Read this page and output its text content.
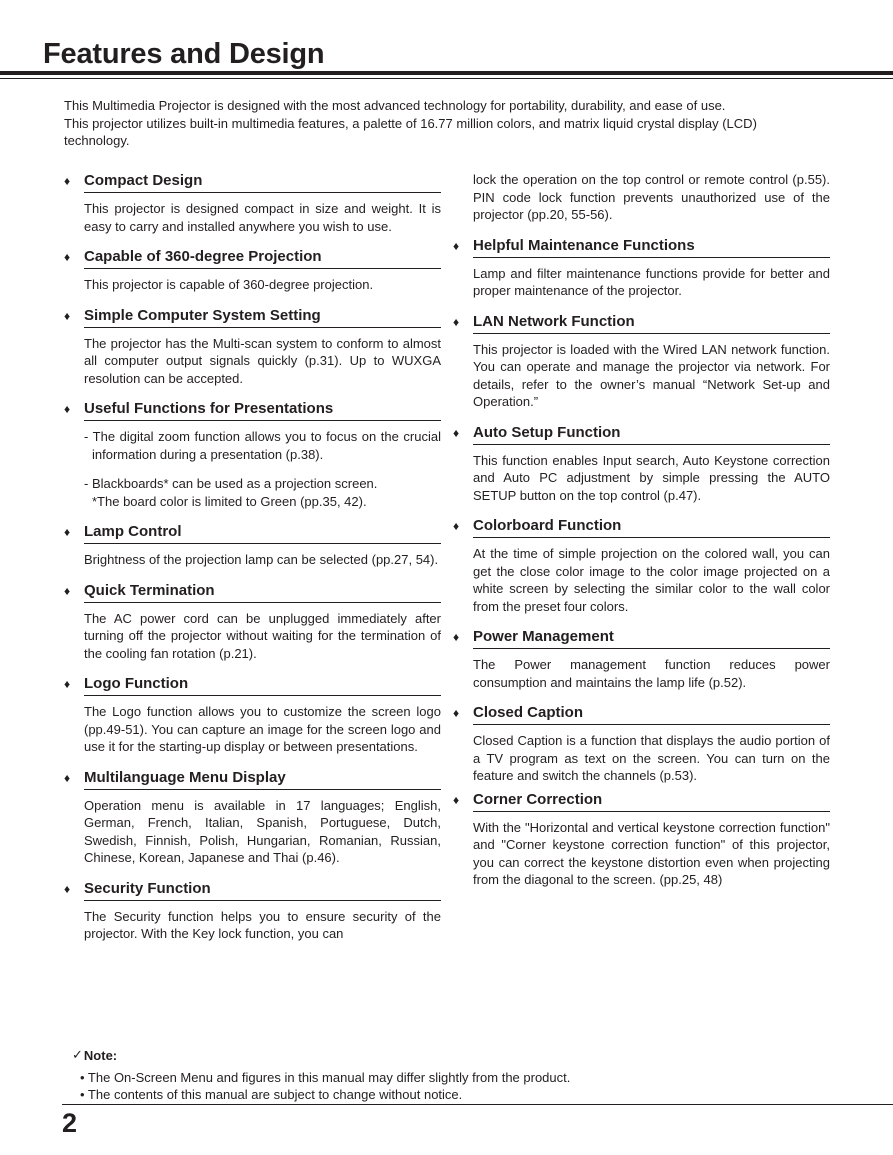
Features and Design

This Multimedia Projector is designed with the most advanced technology for portability, durability, and ease of use.

This projector utilizes built-in multimedia features, a palette of 16.77 million colors, and matrix liquid crystal display (LCD) technology.

♦ Compact Design
This projector is designed compact in size and weight. It is easy to carry and installed anywhere you wish to use.
♦ Capable of 360-degree Projection
This projector is capable of 360-degree projection.
♦ Simple Computer System Setting
The projector has the Multi-scan system to conform to almost all computer output signals quickly (p.31). Up to WUXGA resolution can be accepted.
♦ Useful Functions for Presentations
- The digital zoom function allows you to focus on the crucial information during a presentation (p.38).
- Blackboards* can be used as a projection screen.
*The board color is limited to Green (pp.35, 42).
♦ Lamp Control
Brightness of the projection lamp can be selected (pp.27, 54).
♦ Quick Termination
The AC power cord can be unplugged immediately after turning off the projector without waiting for the termination of the cooling fan rotation (p.21).
♦ Logo Function
The Logo function allows you to customize the screen logo (pp.49-51). You can capture an image for the screen logo and use it for the starting-up display or between presentations.
♦ Multilanguage Menu Display
Operation menu is available in 17 languages; English, German, French, Italian, Spanish, Portuguese, Dutch, Swedish, Finnish, Polish, Hungarian, Romanian, Russian, Chinese, Korean, Japanese and Thai (p.46).
♦ Security Function
The Security function helps you to ensure security of the projector. With the Key lock function, you can
lock the operation on the top control or remote control (p.55). PIN code lock function prevents unauthorized use of the projector (pp.20, 55-56).
♦ Helpful Maintenance Functions
Lamp and filter maintenance functions provide for better and proper maintenance of the projector.
♦ LAN Network Function
This projector is loaded with the Wired LAN network function. You can operate and manage the projector via network. For details, refer to the owner’s manual “Network Set-up and Operation.”
♦ Auto Setup Function
This function enables Input search, Auto Keystone correction and Auto PC adjustment by simple pressing the AUTO SETUP button on the top control (p.47).
♦ Colorboard Function
At the time of simple projection on the colored wall, you can get the close color image to the color image projected on a white screen by selecting the similar color to the wall color from the preset four colors.
♦ Power Management
The Power management function reduces power consumption and maintains the lamp life (p.52).
♦ Closed Caption
Closed Caption is a function that displays the audio portion of a TV program as text on the screen. You can turn on the feature and switch the channels (p.53).
♦ Corner Correction
With the "Horizontal and vertical keystone correction function" and "Corner keystone correction function" of this projector, you can correct the keystone distortion even when projecting from the diagonal to the screen. (pp.25, 48)
✓ Note:
• The On-Screen Menu and figures in this manual may differ slightly from the product.
• The contents of this manual are subject to change without notice.
2
